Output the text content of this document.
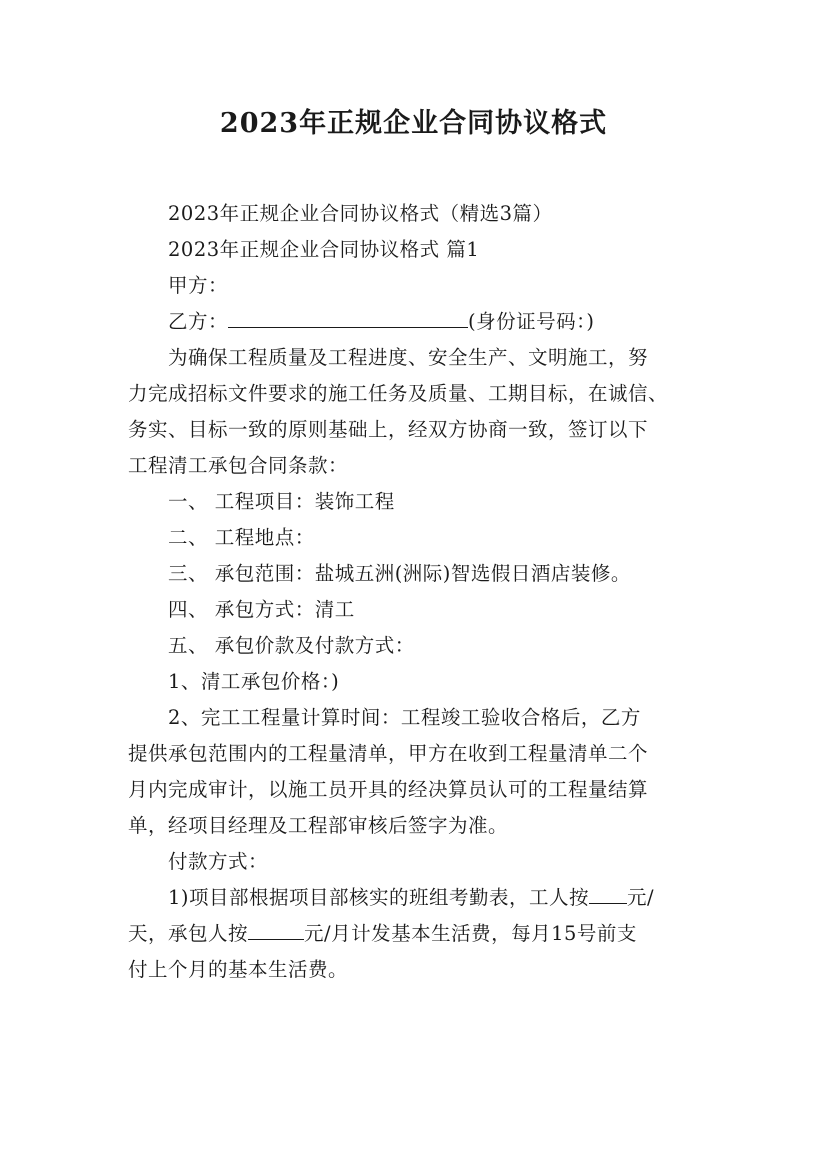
2023年正规企业合同协议格式
2023年正规企业合同协议格式（精选3篇）
2023年正规企业合同协议格式 篇1
甲方：
乙方：	(身份证号码：)
为确保工程质量及工程进度、安全生产、文明施工，努
力完成招标文件要求的施工任务及质量、工期目标，在诚信、
务实、目标一致的原则基础上，经双方协商一致，签订以下
工程清工承包合同条款：
一、 工程项目：装饰工程
二、 工程地点：
三、 承包范围：盐城五洲(洲际)智选假日酒店装修。
四、 承包方式：清工
五、 承包价款及付款方式：
1、清工承包价格：)
2、完工工程量计算时间：工程竣工验收合格后，乙方
提供承包范围内的工程量清单，甲方在收到工程量清单二个
月内完成审计，以施工员开具的经决算员认可的工程量结算
单，经项目经理及工程部审核后签字为准。
付款方式：
1)项目部根据项目部核实的班组考勤表，工人按 元/
天，承包人按	元/月计发基本生活费，每月15号前支
付上个月的基本生活费。
